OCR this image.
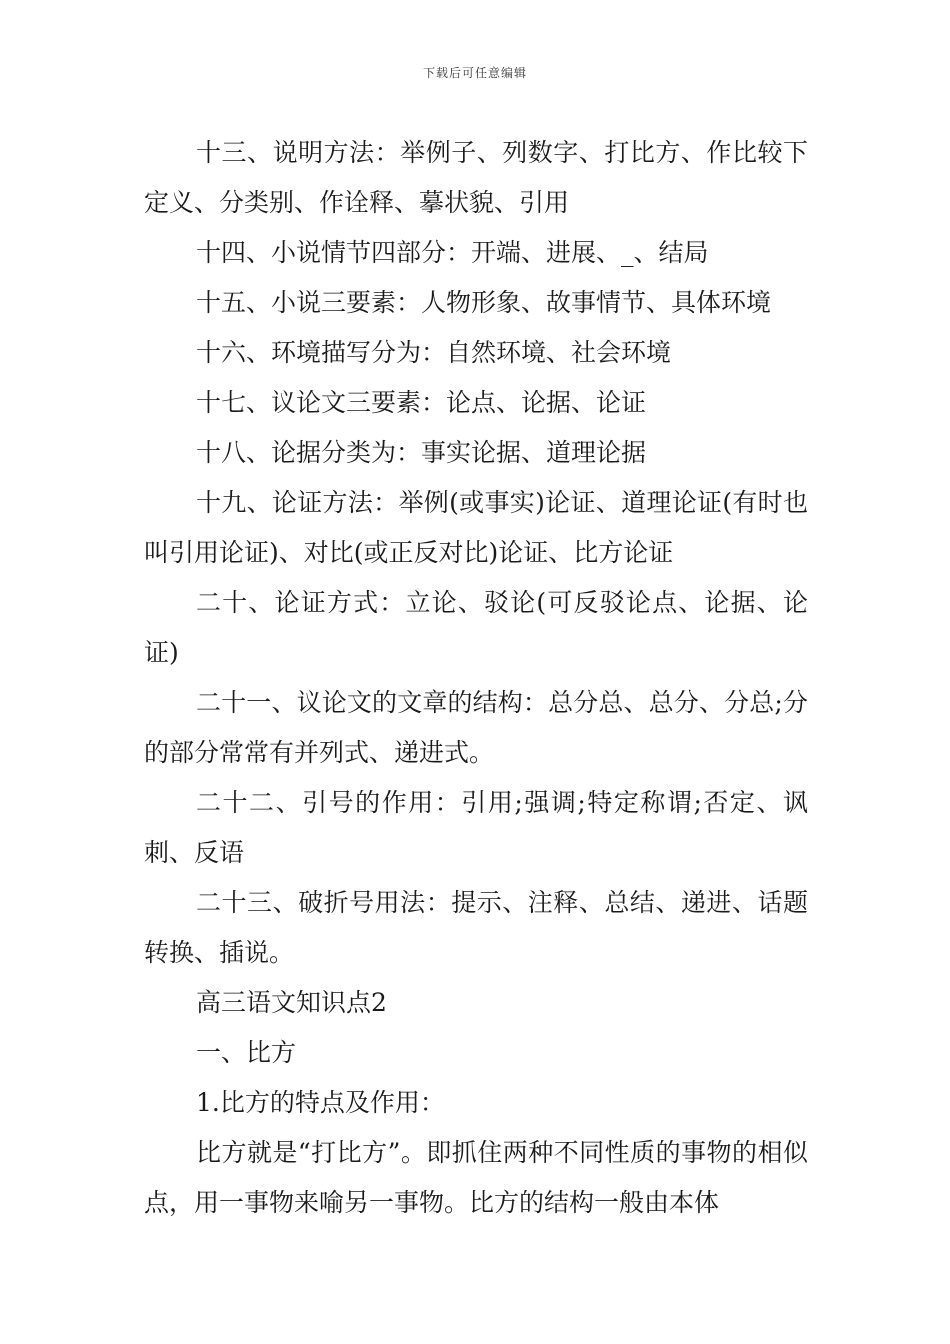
下载后可任意编辑

十三、说明方法：举例子、列数字、打比方、作比较下定义、分类别、作诠释、摹状貌、引用

十四、小说情节四部分：开端、进展、_、结局

十五、小说三要素：人物形象、故事情节、具体环境

十六、环境描写分为：自然环境、社会环境

十七、议论文三要素：论点、论据、论证

十八、论据分类为：事实论据、道理论据

十九、论证方法：举例(或事实)论证、道理论证(有时也叫引用论证)、对比(或正反对比)论证、比方论证

二十、论证方式：立论、驳论(可反驳论点、论据、论证)

二十一、议论文的文章的结构：总分总、总分、分总;分的部分常常有并列式、递进式。

二十二、引号的作用：引用;强调;特定称谓;否定、讽刺、反语

二十三、破折号用法：提示、注释、总结、递进、话题转换、插说。

高三语文知识点2

一、比方

1.比方的特点及作用：

比方就是“打比方”。即抓住两种不同性质的事物的相似点，用一事物来喻另一事物。比方的结构一般由本体
